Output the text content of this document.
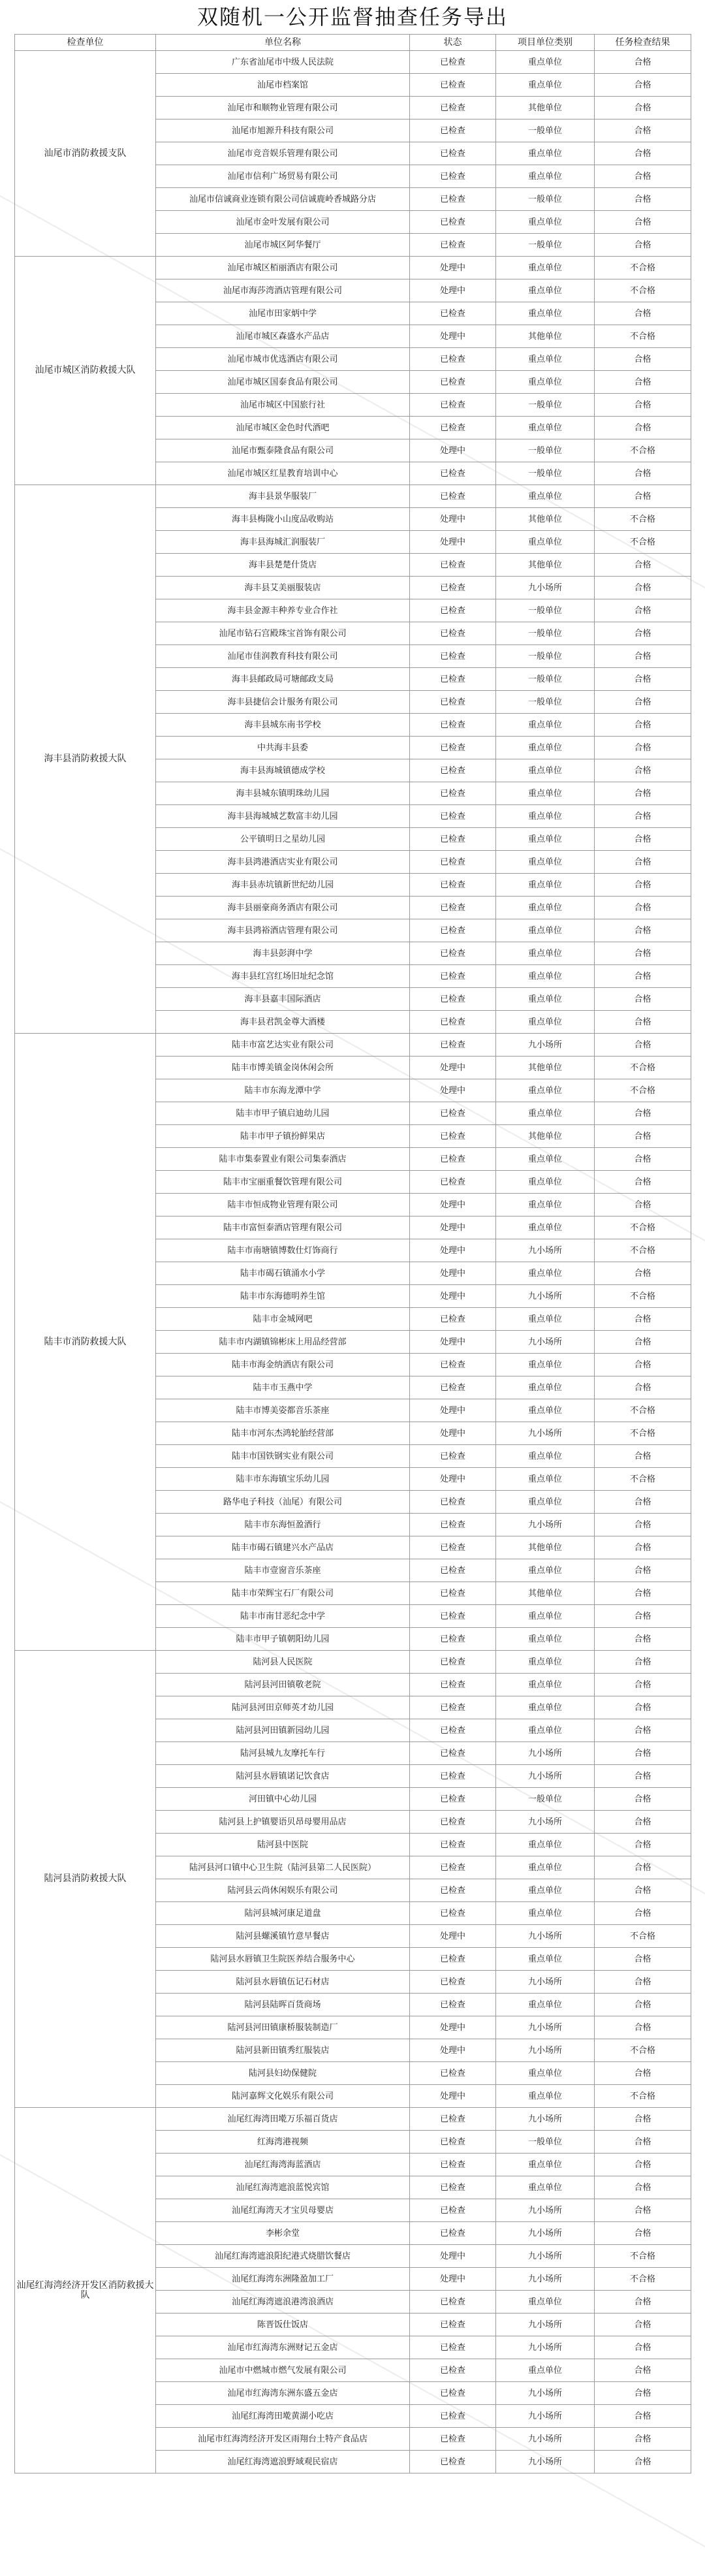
双随机一公开监督抽查任务导出
检查单位	单位名称	状态	项目单位类别	任务检查结果
汕尾市消防救援支队	广东省汕尾市中级人民法院	已检查	重点单位	合格
	汕尾市档案馆	已检查	重点单位	合格
	汕尾市和顺物业管理有限公司	已检查	其他单位	合格
	汕尾市旭源升科技有限公司	已检查	一般单位	合格
	汕尾市竞音娱乐管理有限公司	已检查	重点单位	合格
	汕尾市信利广场贸易有限公司	已检查	重点单位	合格
	汕尾市信诚商业连锁有限公司信诚鹿岭香城路分店	已检查	一般单位	合格
	汕尾市金叶发展有限公司	已检查	重点单位	合格
	汕尾市城区阿华餐厅	已检查	一般单位	合格
汕尾市城区消防救援大队	汕尾市城区栢丽酒店有限公司	处理中	重点单位	不合格
	汕尾市海莎湾酒店管理有限公司	处理中	重点单位	不合格
	汕尾市田家炳中学	已检查	重点单位	合格
	汕尾市城区森盛水产品店	处理中	其他单位	不合格
	汕尾市城市优选酒店有限公司	已检查	重点单位	合格
	汕尾市城区国泰食品有限公司	已检查	重点单位	合格
	汕尾市城区中国旅行社	已检查	一般单位	合格
	汕尾市城区金色时代酒吧	已检查	重点单位	合格
	汕尾市甄泰隆食品有限公司	处理中	一般单位	不合格
	汕尾市城区红星教育培训中心	已检查	一般单位	合格
海丰县消防救援大队	海丰县景华服装厂	已检查	重点单位	合格
	海丰县梅陇小山度品收购站	处理中	其他单位	不合格
	海丰县海城汇润服装厂	处理中	重点单位	不合格
	海丰县楚楚什货店	已检查	其他单位	合格
	海丰县艾美丽服装店	已检查	九小场所	合格
	海丰县金源丰种养专业合作社	已检查	一般单位	合格
	汕尾市钻石宫殿珠宝首饰有限公司	已检查	一般单位	合格
	汕尾市佳润教育科技有限公司	已检查	一般单位	合格
	海丰县邮政局可塘邮政支局	已检查	一般单位	合格
	海丰县捷信会计服务有限公司	已检查	一般单位	合格
	海丰县城东南书学校	已检查	重点单位	合格
	中共海丰县委	已检查	重点单位	合格
	海丰县海城镇德成学校	已检查	重点单位	合格
	海丰县城东镇明珠幼儿园	已检查	重点单位	合格
	海丰县海城城艺数富丰幼儿园	已检查	重点单位	合格
	公平镇明日之星幼儿园	已检查	重点单位	合格
	海丰县鸿港酒店实业有限公司	已检查	重点单位	合格
	海丰县赤坑镇新世纪幼儿园	已检查	重点单位	合格
	海丰县丽豪商务酒店有限公司	已检查	重点单位	合格
	海丰县鸿裕酒店管理有限公司	已检查	重点单位	合格
	海丰县彭湃中学	已检查	重点单位	合格
	海丰县红宫红场旧址纪念馆	已检查	重点单位	合格
	海丰县嘉丰国际酒店	已检查	重点单位	合格
	海丰县君凯金尊大酒楼	已检查	重点单位	合格
陆丰市消防救援大队	陆丰市富艺达实业有限公司	已检查	九小场所	合格
	陆丰市博美镇金岗休闲会所	处理中	其他单位	不合格
	陆丰市东海龙潭中学	处理中	重点单位	不合格
	陆丰市甲子镇启迪幼儿园	已检查	重点单位	合格
	陆丰市甲子镇扮鲜果店	已检查	其他单位	合格
	陆丰市集泰置业有限公司集泰酒店	已检查	重点单位	合格
	陆丰市宝丽重餐饮管理有限公司	已检查	重点单位	合格
	陆丰市恒成物业管理有限公司	处理中	重点单位	合格
	陆丰市富恒泰酒店管理有限公司	处理中	重点单位	不合格
	陆丰市南塘镇博数仕灯饰商行	处理中	九小场所	不合格
	陆丰市碣石镇涌水小学	处理中	重点单位	合格
	陆丰市东海德明养生馆	处理中	九小场所	不合格
	陆丰市金城网吧	已检查	重点单位	合格
	陆丰市内湖镇锦彬床上用品经营部	处理中	九小场所	合格
	陆丰市海金纳酒店有限公司	已检查	重点单位	合格
	陆丰市玉燕中学	已检查	重点单位	合格
	陆丰市博美姿都音乐茶座	处理中	重点单位	不合格
	陆丰市河东杰鸿轮胎经营部	处理中	九小场所	不合格
	陆丰市国铁钢实业有限公司	已检查	重点单位	合格
	陆丰市东海镇宝乐幼儿园	处理中	重点单位	不合格
	路华电子科技（汕尾）有限公司	已检查	重点单位	合格
	陆丰市东海恒盈酒行	已检查	九小场所	合格
	陆丰市碣石镇建兴水产品店	已检查	其他单位	合格
	陆丰市壹窗音乐茶座	已检查	重点单位	合格
	陆丰市荣辉宝石厂有限公司	已检查	其他单位	合格
	陆丰市南甘恶纪念中学	已检查	重点单位	合格
	陆丰市甲子镇朝阳幼儿园	已检查	重点单位	合格
陆河县消防救援大队	陆河县人民医院	已检查	重点单位	合格
	陆河县河田镇敬老院	已检查	重点单位	合格
	陆河县河田京师英才幼儿园	已检查	重点单位	合格
	陆河县河田镇新园幼儿园	已检查	重点单位	合格
	陆河县城九友摩托车行	已检查	九小场所	合格
	陆河县水唇镇诺记饮食店	已检查	九小场所	合格
	河田镇中心幼儿园	已检查	一般单位	合格
	陆河县上护镇婴语贝昂母婴用品店	已检查	九小场所	合格
	陆河县中医院	已检查	重点单位	合格
	陆河县河口镇中心卫生院（陆河县第二人民医院）	已检查	重点单位	合格
	陆河县云尚休闲娱乐有限公司	已检查	重点单位	合格
	陆河县城河康足道盘	已检查	重点单位	合格
	陆河县螺溪镇竹意早餐店	处理中	九小场所	不合格
	陆河县水唇镇卫生院医养结合服务中心	已检查	重点单位	合格
	陆河县水唇镇伍记石材店	已检查	九小场所	合格
	陆河县陆晖百货商场	已检查	重点单位	合格
	陆河县河田镇康桥服装制造厂	处理中	九小场所	合格
	陆河县新田镇秀红服装店	处理中	九小场所	不合格
	陆河县妇幼保健院	已检查	重点单位	合格
	陆河嘉辉文化娱乐有限公司	处理中	重点单位	不合格
汕尾红海湾经济开发区消防救援大队	汕尾红海湾田墘万乐福百货店	已检查	九小场所	合格
	红海湾港视频	已检查	一般单位	合格
	汕尾红海湾海蓝酒店	已检查	重点单位	合格
	汕尾红海湾遮浪蓝悦宾馆	已检查	重点单位	合格
	汕尾红海湾天才宝贝母婴店	已检查	九小场所	合格
	李彬余堂	已检查	九小场所	合格
	汕尾红海湾遮浪阳纪港式烧腊饮餐店	处理中	九小场所	不合格
	汕尾红海湾东洲隆盈加工厂	处理中	九小场所	不合格
	汕尾红海湾遮浪港湾浪酒店	已检查	重点单位	合格
	陈晋饭仕饭店	已检查	九小场所	合格
	汕尾市红海湾东洲财记五金店	已检查	九小场所	合格
	汕尾市中燃城市燃气发展有限公司	已检查	重点单位	合格
	汕尾市红海湾东洲东盛五金店	已检查	九小场所	合格
	汕尾红海湾田墘黄湖小吃店	已检查	九小场所	合格
	汕尾市红海湾经济开发区雨翔台土特产食品店	已检查	九小场所	合格
	汕尾红海湾遮浪野域观民宿店	已检查	九小场所	合格
